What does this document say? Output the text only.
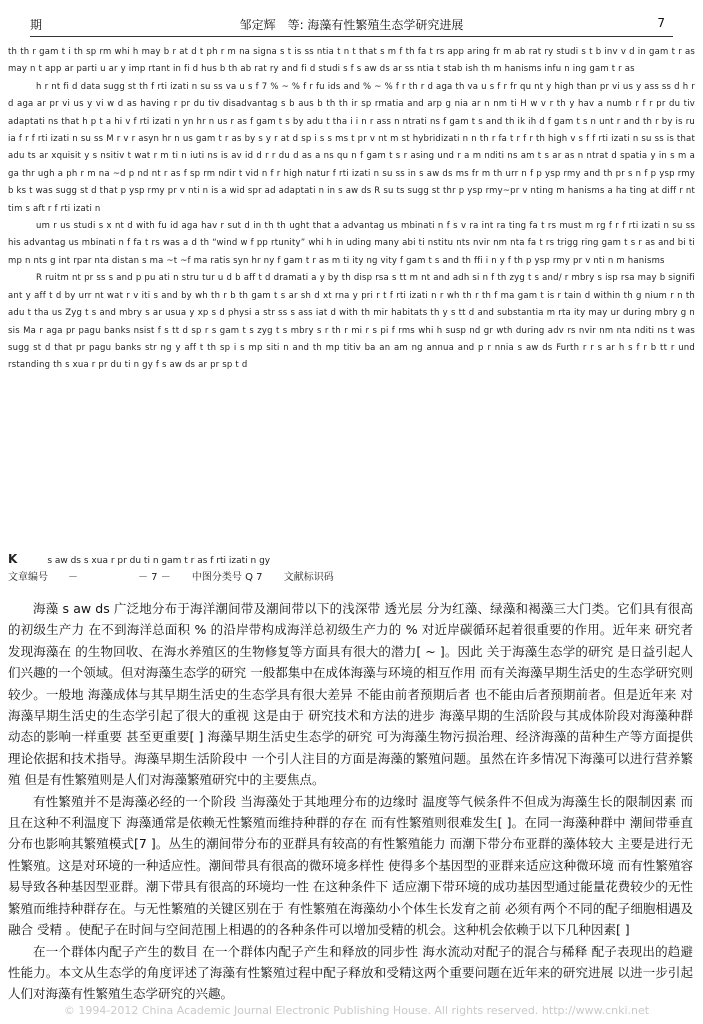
期	邹定辉　等: 海藻有性繁殖生态学研究进展	7

th th r gam t i th sp rm whi h may b r at d t ph r m na signa s t is ss ntia t n t that s m f th fa t rs app aring fr m ab rat ry studi s t b inv v d in gam t r as may n t app ar parti u ar y imp rtant in fi d hus b th ab rat ry and fi d studi s f s aw ds ar ss ntia t stab ish th m hanisms infu n ing gam t r as

h r nt fi d data sugg st th f rti izati n su ss va u s f 7 % ~ % f r fu ids and % ~ % f r th r d aga th va u s f r fr qu nt y high than pr vi us y ass ss d h r d aga ar pr vi us y vi w d as having r pr du tiv disadvantag s b aus b th th ir sp rmatia and arp g nia ar n nm ti H w v r th y hav a numb r f r pr du tiv adaptati ns that h p t a hi v f rti izati n yn hr n us r as f gam t s by adu t tha i i n r ass n ntrati ns f gam t s and th ik ih d f gam t s n unt r and th r by is ru ia f r f rti izati n su ss M r v r asyn hr n us gam t r as by s y r at d sp i s s ms t pr v nt m st hybridizati n n th r fa t r f r th high v s f f rti izati n su ss is that adu ts ar xquisit y s nsitiv t wat r m ti n iuti ns is av id d r r du d as a ns qu n f gam t s r asing und r a m nditi ns am t s ar as n ntrat d spatia y in s m a ga thr ugh a ph r m na ~d p nd nt r as f sp rm ndir t vid n f r high natur f rti izati n su ss in s aw ds ms fr m th urr n f p ysp rmy and th pr s n f p ysp rmy b ks t was sugg st d that p ysp rmy pr v nti n is a wid spr ad adaptati n in s aw ds R su ts sugg st thr p ysp rmy~pr v nting m hanisms a ha ting at diff r nt tim s aft r f rti izati n

um r us studi s x nt d with fu id aga hav r sut d in th th ught that a advantag us mbinati n f s v ra int ra ting fa t rs must m rg f r f rti izati n su ss his advantag us mbinati n f fa t rs was a d th “wind w f pp rtunity” whi h in uding many abi ti nstitu nts nvir nm nta fa t rs trigg ring gam t s r as and bi ti mp n nts g int rpar nta distan s ma ~t ~f ma ratis syn hr ny f gam t r as m ti ity ng vity f gam t s and th ffi i n y f th p ysp rmy pr v nti n m hanisms

R ruitm nt pr ss s and p pu ati n stru tur u d b aff t d dramati a y by th disp rsa s tt m nt and adh si n f th zyg t s and/ r mbry s isp rsa may b signifi ant y aff t d by urr nt wat r v iti s and by wh th r b th gam t s ar sh d xt rna y pri r t f rti izati n r wh th r th f ma gam t is r tain d within th g nium r n th adu t tha us Zyg t s and mbry s ar usua y xp s d physi a str ss s ass iat d with th mir habitats th y s tt d and substantia m rta ity may ur during mbry g n sis Ma r aga pr pagu banks nsist f s tt d sp r s gam t s zyg t s mbry s r th r mi r s pi f rms whi h susp nd gr wth during adv rs nvir nm nta nditi ns t was sugg st d that pr pagu banks str ng y aff t th sp i s mp siti n and th mp titiv ba an am ng annua and p r nnia s aw ds Furth r r s ar h s f r b tt r und rstanding th s xua r pr du ti n gy f s aw ds ar pr sp t d

K	s aw ds s xua r pr du ti n gam t r as f rti izati n gy
文章编号　　－　　　　　　－ 7 － 中图分类号 Q 7 文献标识码

海藻 s aw ds 广泛地分布于海洋潮间带及潮间带以下的浅深带 透光层 分为红藻、绿藻和褐藻三大门类。它们具有很高的初级生产力 在不到海洋总面积 % 的沿岸带构成海洋总初级生产力的 % 对近岸碳循环起着很重要的作用。近年来 研究者发现海藻在 的生物回收、在海水养殖区的生物修复等方面具有很大的潜力[ ~ ]。因此 关于海藻生态学的研究 是日益引起人们兴趣的一个领域。但对海藻生态学的研究 一般都集中在成体海藻与环境的相互作用 而有关海藻早期生活史的生态学研究则较少。一般地 海藻成体与其早期生活史的生态学具有很大差异 不能由前者预期后者 也不能由后者预期前者。但是近年来 对海藻早期生活史的生态学引起了很大的重视 这是由于 研究技术和方法的进步 海藻早期的生活阶段与其成体阶段对海藻种群动态的影响一样重要 甚至更重要[ ] 海藻早期生活史生态学的研究 可为海藻生物污损治理、经济海藻的苗种生产等方面提供理论依据和技术指导。海藻早期生活阶段中 一个引人注目的方面是海藻的繁殖问题。虽然在许多情况下海藻可以进行营养繁殖 但是有性繁殖则是人们对海藻繁殖研究中的主要焦点。

有性繁殖并不是海藻必经的一个阶段 当海藻处于其地理分布的边缘时 温度等气候条件不但成为海藻生长的限制因素 而且在这种不利温度下 海藻通常是依赖无性繁殖而维持种群的存在 而有性繁殖则很难发生[ ]。在同一海藻种群中 潮间带垂直分布也影响其繁殖模式[7 ]。丛生的潮间带分布的亚群具有较高的有性繁殖能力 而潮下带分布亚群的藻体较大 主要是进行无性繁殖。这是对环境的一种适应性。潮间带具有很高的微环境多样性 使得多个基因型的亚群来适应这种微环境 而有性繁殖容易导致各种基因型亚群。潮下带具有很高的环境均一性 在这种条件下 适应潮下带环境的成功基因型通过能量花费较少的无性繁殖而维持种群存在。与无性繁殖的关键区别在于 有性繁殖在海藻幼小个体生长发育之前 必须有两个不同的配子细胞相遇及融合 受精 。使配子在时间与空间范围上相遇的的各种条件可以增加受精的机会。这种机会依赖于以下几种因素[ ]

在一个群体内配子产生的数目 在一个群体内配子产生和释放的同步性 海水流动对配子的混合与稀释 配子表现出的趋避性能力。本文从生态学的角度评述了海藻有性繁殖过程中配子释放和受精这两个重要问题在近年来的研究进展 以进一步引起人们对海藻有性繁殖生态学研究的兴趣。

© 1994-2012 China Academic Journal Electronic Publishing House. All rights reserved. http://www.cnki.net
